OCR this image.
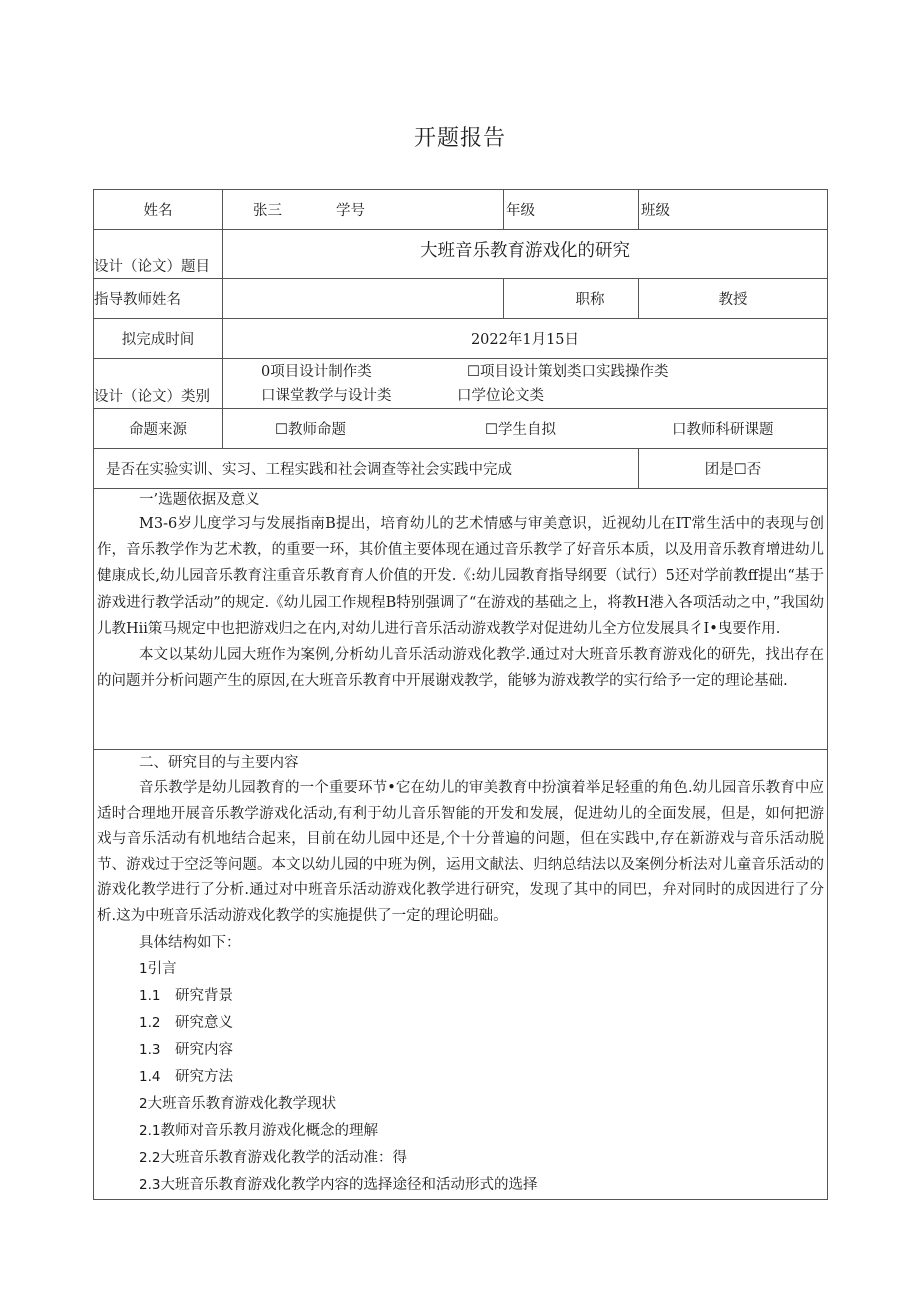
开题报告
姓名	张三 学号	年级	班级
设计（论文）题目	大班音乐教育游戏化的研究		
指导教师姓名		职称	教授
拟完成时间	2022年1月15日		
设计（论文）类别	0项目设计制作类 ☐项目设计策划类口实践操作类
口课堂教学与设计类 口学位论文类		

命题来源	☐教师命题 ☐学生自拟 口教师科研课题		
是否在实验实训、实习、工程实践和社会调查等社会实践中完成			团是☐否

一’选题依据及意义

M3-6岁儿度学习与发展指南B提出，培育幼儿的艺术情感与审美意识，近视幼儿在IT常生活中的表现与创作，音乐教学作为艺术教，的重要一环，其价值主要体现在通过音乐教学了好音乐本质，以及用音乐教育增进幼儿健康成长,幼儿园音乐教育注重音乐教育育人价值的开发.《:幼儿园教育指导纲要（试行）5还对学前教ff提出“基于游戏进行教学活动”的规定.《幼儿园工作规程B特别强调了“在游戏的基础之上，将教H港入各项活动之中，”我国幼儿教Hii策马规定中也把游戏归之在内,对幼儿进行音乐活动游戏教学对促进幼儿全方位发展具彳I•曳要作用.

本文以某幼儿园大班作为案例,分析幼儿音乐活动游戏化教学.通过对大班音乐教育游戏化的研先，找出存在的问题并分析问题产生的原因,在大班音乐教育中开展谢戏教学，能够为游戏教学的实行给予一定的理论基础.			

二、研究目的与主要内容

音乐教学是幼儿园教育的一个重要环节•它在幼儿的审美教育中扮演着举足轻重的角色.幼儿园音乐教育中应适时合理地开展音乐教学游戏化活动,有利于幼儿音乐智能的开发和发展，促进幼儿的全面发展，但是，如何把游戏与音乐活动有机地结合起来，目前在幼儿园中还是,个十分普遍的问题，但在实践中,存在新游戏与音乐活动脱节、游戏过于空泛等问题。本文以幼儿园的中班为例，运用文献法、归纳总结法以及案例分析法对儿童音乐活动的游戏化教学进行了分析.通过对中班音乐活动游戏化教学进行研究，发现了其中的同巴，弁对同时的成因进行了分析.这为中班音乐活动游戏化教学的实施提供了一定的理论明础。

具体结构如下：

1引言
1.1 研究背景
1.2 研究意义
1.3 研究内容
1.4 研究方法
2大班音乐教育游戏化教学现状
2.1教师对音乐教月游戏化概念的理解
2.2大班音乐教育游戏化教学的活动准：得
2.3大班音乐教育游戏化教学内容的选择途径和活动形式的选择
